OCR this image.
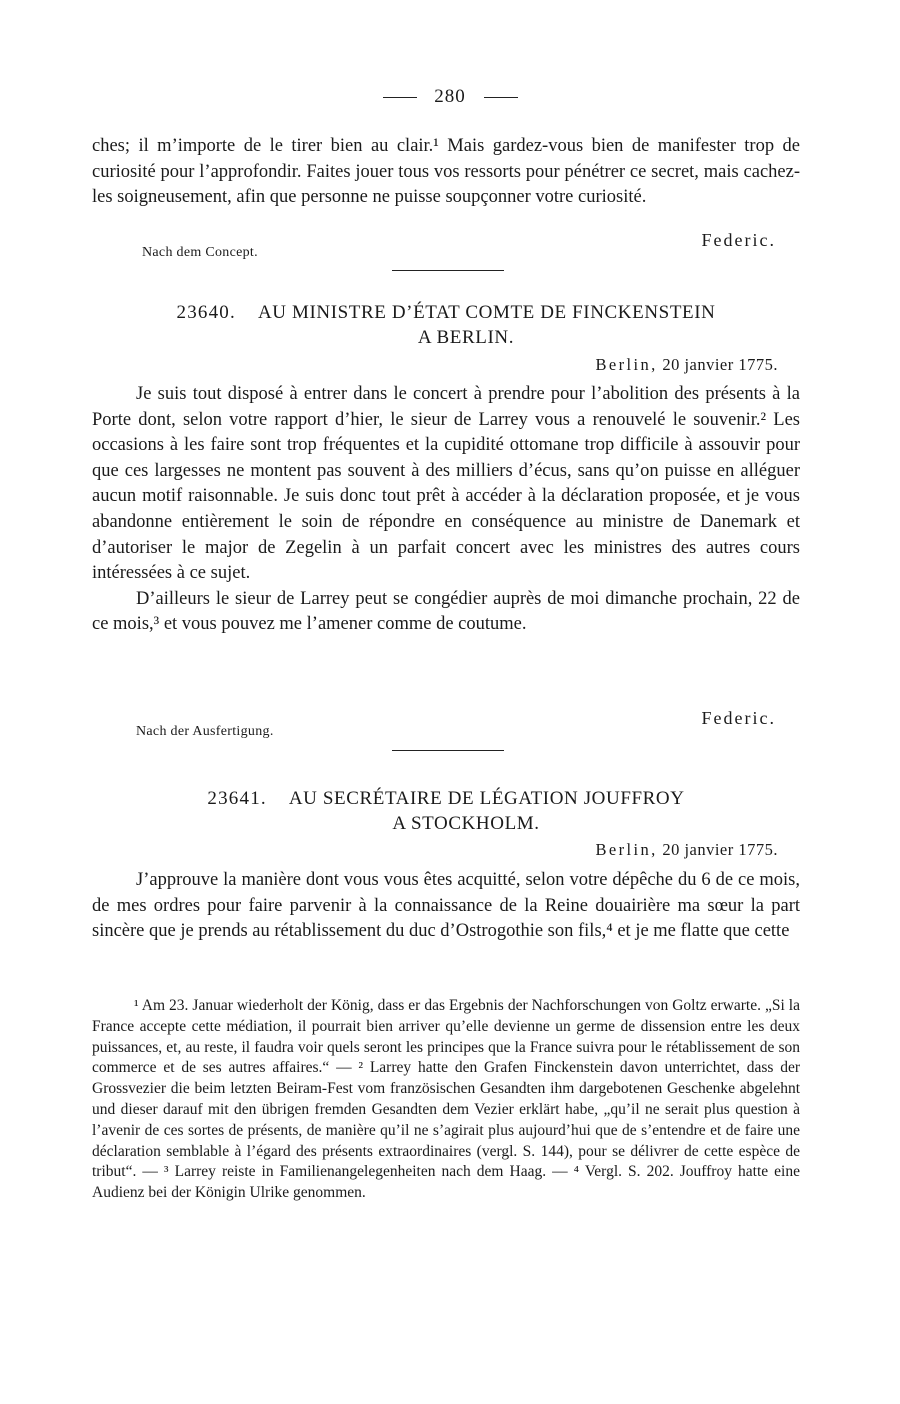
280

ches; il m’importe de le tirer bien au clair.¹ Mais gardez-vous bien de manifester trop de curiosité pour l’approfondir. Faites jouer tous vos ressorts pour pénétrer ce secret, mais cachez-les soigneusement, afin que personne ne puisse soupçonner votre curiosité.

Federic.

Nach dem Concept.

23640. AU MINISTRE D’ÉTAT COMTE DE FINCKENSTEIN
A BERLIN.
Berlin, 20 janvier 1775.

Je suis tout disposé à entrer dans le concert à prendre pour l’abolition des présents à la Porte dont, selon votre rapport d’hier, le sieur de Larrey vous a renouvelé le souvenir.² Les occasions à les faire sont trop fréquentes et la cupidité ottomane trop difficile à assouvir pour que ces largesses ne montent pas souvent à des milliers d’écus, sans qu’on puisse en alléguer aucun motif raisonnable. Je suis donc tout prêt à accéder à la déclaration proposée, et je vous abandonne entièrement le soin de répondre en conséquence au ministre de Danemark et d’autoriser le major de Zegelin à un parfait concert avec les ministres des autres cours intéressées à ce sujet.

D’ailleurs le sieur de Larrey peut se congédier auprès de moi dimanche prochain, 22 de ce mois,³ et vous pouvez me l’amener comme de coutume.

Federic.

Nach der Ausfertigung.

23641. AU SECRÉTAIRE DE LÉGATION JOUFFROY
A STOCKHOLM.
Berlin, 20 janvier 1775.

J’approuve la manière dont vous vous êtes acquitté, selon votre dépêche du 6 de ce mois, de mes ordres pour faire parvenir à la connaissance de la Reine douairière ma sœur la part sincère que je prends au rétablissement du duc d’Ostrogothie son fils,⁴ et je me flatte que cette

¹ Am 23. Januar wiederholt der König, dass er das Ergebnis der Nachforschungen von Goltz erwarte. „Si la France accepte cette médiation, il pourrait bien arriver qu’elle devienne un germe de dissension entre les deux puissances, et, au reste, il faudra voir quels seront les principes que la France suivra pour le rétablissement de son commerce et de ses autres affaires.“ — ² Larrey hatte den Grafen Finckenstein davon unterrichtet, dass der Grossvezier die beim letzten Beiram-Fest vom französischen Gesandten ihm dargebotenen Geschenke abgelehnt und dieser darauf mit den übrigen fremden Gesandten dem Vezier erklärt habe, „qu’il ne serait plus question à l’avenir de ces sortes de présents, de manière qu’il ne s’agirait plus aujourd’hui que de s’entendre et de faire une déclaration semblable à l’égard des présents extraordinaires (vergl. S. 144), pour se délivrer de cette espèce de tribut“. — ³ Larrey reiste in Familienangelegenheiten nach dem Haag. — ⁴ Vergl. S. 202. Jouffroy hatte eine Audienz bei der Königin Ulrike genommen.
